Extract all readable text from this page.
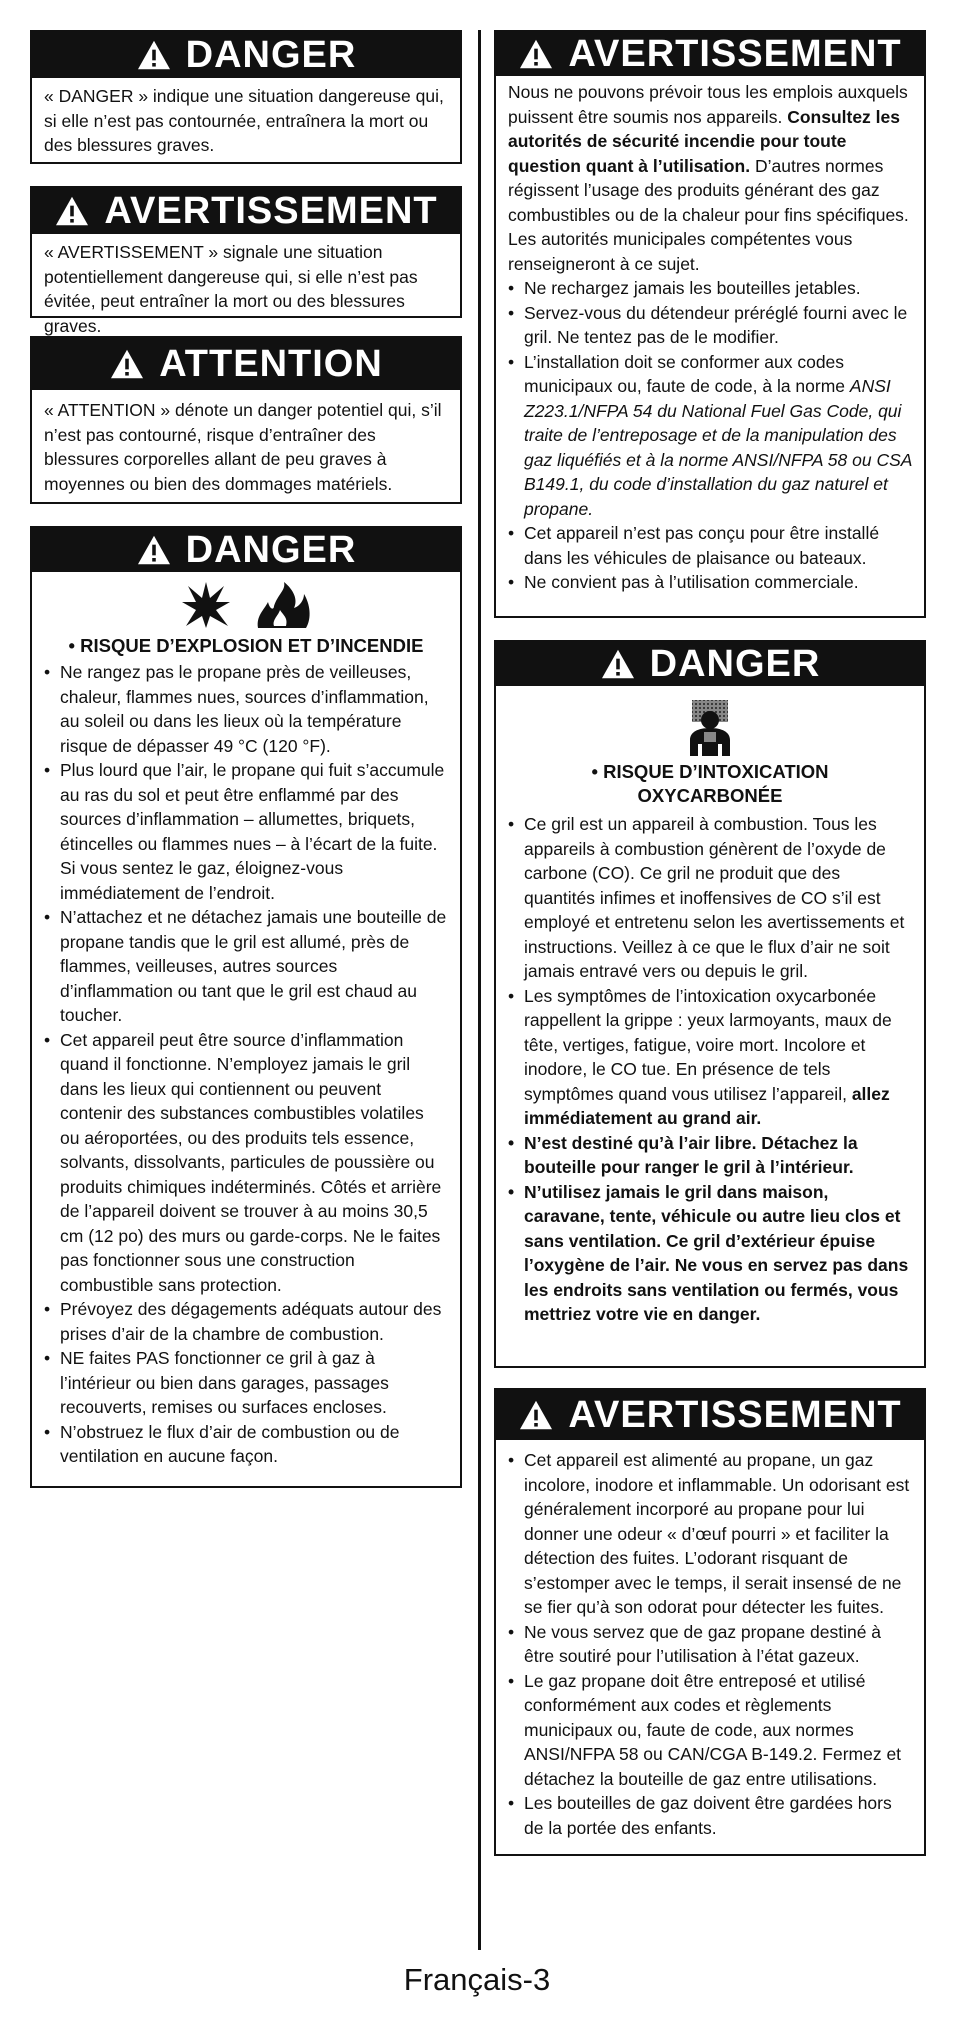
DANGER

« DANGER » indique une situation dangereuse qui, si elle n’est pas contournée, entraînera la mort ou des blessures graves.

AVERTISSEMENT

« AVERTISSEMENT » signale une situation potentiellement dangereuse qui, si elle n’est pas évitée, peut entraîner la mort ou des blessures graves.

ATTENTION

« ATTENTION » dénote un danger potentiel qui, s’il n’est pas contourné, risque d’entraîner des blessures corporelles allant de peu graves à moyennes ou bien des dommages matériels.

DANGER
• RISQUE D’EXPLOSION ET D’INCENDIE
• Ne rangez pas le propane près de veilleuses, chaleur, flammes nues, sources d’inflammation, au soleil ou dans les lieux où la température risque de dépasser 49 °C (120 °F).
• Plus lourd que l’air, le propane qui fuit s’accumule au ras du sol et peut être enflammé par des sources d’inflammation – allumettes, briquets, étincelles ou flammes nues – à l’écart de la fuite. Si vous sentez le gaz, éloignez-vous immédiatement de l’endroit.
• N’attachez et ne détachez jamais une bouteille de propane tandis que le gril est allumé, près de flammes, veilleuses, autres sources d’inflammation ou tant que le gril est chaud au toucher.
• Cet appareil peut être source d’inflammation quand il fonctionne. N’employez jamais le gril dans les lieux qui contiennent ou peuvent contenir des substances combustibles volatiles ou aéroportées, ou des produits tels essence, solvants, dissolvants, particules de poussière ou produits chimiques indéterminés. Côtés et arrière de l’appareil doivent se trouver à au moins 30,5 cm (12 po) des murs ou garde-corps. Ne le faites pas fonctionner sous une construction combustible sans protection.
• Prévoyez des dégagements adéquats autour des prises d’air de la chambre de combustion.
• NE faites PAS fonctionner ce gril à gaz à l’intérieur ou bien dans garages, passages recouverts, remises ou surfaces encloses.
• N’obstruez le flux d’air de combustion ou de ventilation en aucune façon.
AVERTISSEMENT

Nous ne pouvons prévoir tous les emplois auxquels puissent être soumis nos appareils. Consultez les autorités de sécurité incendie pour toute question quant à l’utilisation. D’autres normes régissent l’usage des produits générant des gaz combustibles ou de la chaleur pour fins spécifiques. Les autorités municipales compétentes vous renseigneront à ce sujet.

• Ne rechargez jamais les bouteilles jetables.
• Servez-vous du détendeur préréglé fourni avec le gril. Ne tentez pas de le modifier.
• L’installation doit se conformer aux codes municipaux ou, faute de code, à la norme ANSI Z223.1/NFPA 54 du National Fuel Gas Code, qui traite de l’entreposage et de la manipulation des gaz liquéfiés et à la norme ANSI/NFPA 58 ou CSA B149.1, du code d’installation du gaz naturel et propane.
• Cet appareil n’est pas conçu pour être installé dans les véhicules de plaisance ou bateaux.
• Ne convient pas à l’utilisation commerciale.
DANGER
• RISQUE D’INTOXICATION
OXYCARBONÉE
• Ce gril est un appareil à combustion. Tous les appareils à combustion génèrent de l’oxyde de carbone (CO). Ce gril ne produit que des quantités infimes et inoffensives de CO s’il est employé et entretenu selon les avertissements et instructions. Veillez à ce que le flux d’air ne soit jamais entravé vers ou depuis le gril.
• Les symptômes de l’intoxication oxycarbonée rappellent la grippe : yeux larmoyants, maux de tête, vertiges, fatigue, voire mort. Incolore et inodore, le CO tue. En présence de tels symptômes quand vous utilisez l’appareil, allez immédiatement au grand air.
• N’est destiné qu’à l’air libre. Détachez la bouteille pour ranger le gril à l’intérieur.
• N’utilisez jamais le gril dans maison, caravane, tente, véhicule ou autre lieu clos et sans ventilation. Ce gril d’extérieur épuise l’oxygène de l’air. Ne vous en servez pas dans les endroits sans ventilation ou fermés, vous mettriez votre vie en danger.
AVERTISSEMENT
• Cet appareil est alimenté au propane, un gaz incolore, inodore et inflammable. Un odorisant est généralement incorporé au propane pour lui donner une odeur « d’œuf pourri » et faciliter la détection des fuites. L’odorant risquant de s’estomper avec le temps, il serait insensé de ne se fier qu’à son odorat pour détecter les fuites.
• Ne vous servez que de gaz propane destiné à être soutiré pour l’utilisation à l’état gazeux.
• Le gaz propane doit être entreposé et utilisé conformément aux codes et règlements municipaux ou, faute de code, aux normes ANSI/NFPA 58 ou CAN/CGA B-149.2. Fermez et détachez la bouteille de gaz entre utilisations.
• Les bouteilles de gaz doivent être gardées hors de la portée des enfants.
Français-3
